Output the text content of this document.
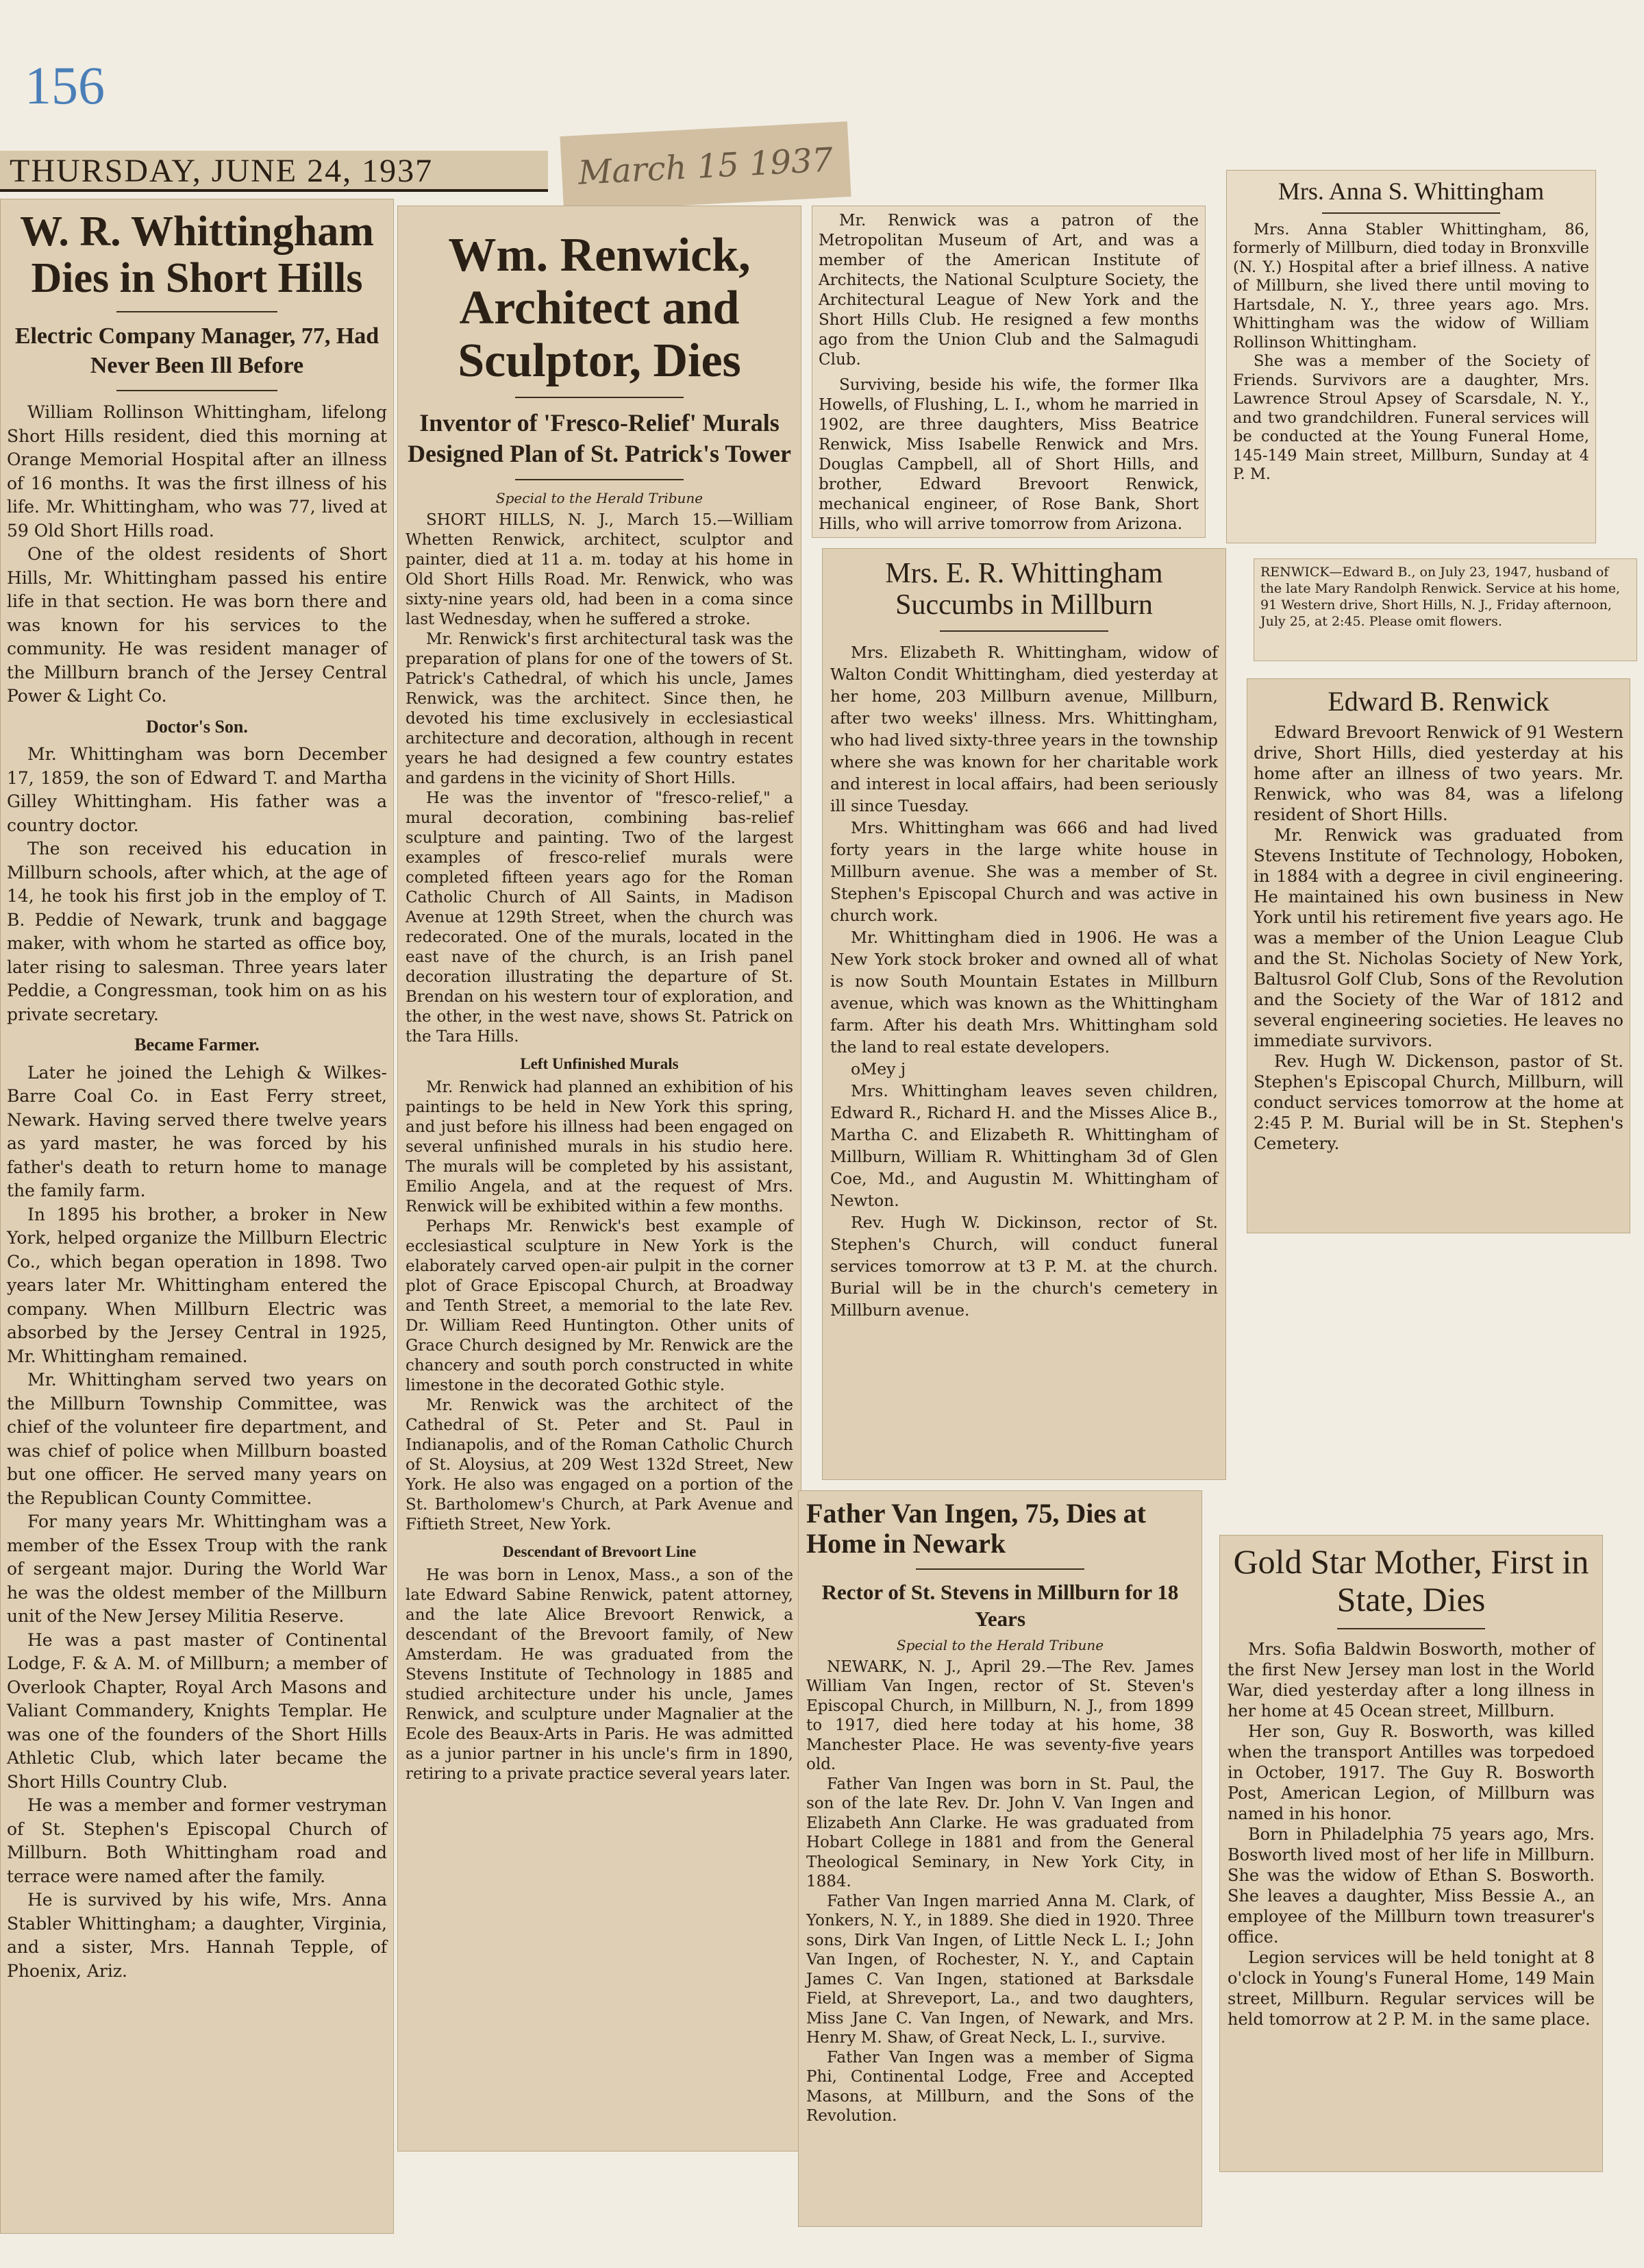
156
THURSDAY, JUNE 24, 1937	March 15 1937
W. R. Whittingham Dies in Short Hills
Electric Company Manager, 77, Had Never Been Ill Before

William Rollinson Whittingham, lifelong Short Hills resident, died this morning at Orange Memorial Hospital after an illness of 16 months. It was the first illness of his life. Mr. Whittingham, who was 77, lived at 59 Old Short Hills road.

One of the oldest residents of Short Hills, Mr. Whittingham passed his entire life in that section. He was born there and was known for his services to the community. He was resident manager of the Millburn branch of the Jersey Central Power & Light Co.

Doctor's Son.

Mr. Whittingham was born December 17, 1859, the son of Edward T. and Martha Gilley Whittingham. His father was a country doctor.

The son received his education in Millburn schools, after which, at the age of 14, he took his first job in the employ of T. B. Peddie of Newark, trunk and baggage maker, with whom he started as office boy, later rising to salesman. Three years later Peddie, a Congressman, took him on as his private secretary.

Became Farmer.

Later he joined the Lehigh & Wilkes-Barre Coal Co. in East Ferry street, Newark. Having served there twelve years as yard master, he was forced by his father's death to return home to manage the family farm.

In 1895 his brother, a broker in New York, helped organize the Millburn Electric Co., which began operation in 1898. Two years later Mr. Whittingham entered the company. When Millburn Electric was absorbed by the Jersey Central in 1925, Mr. Whittingham remained.

Mr. Whittingham served two years on the Millburn Township Committee, was chief of the volunteer fire department, and was chief of police when Millburn boasted but one officer. He served many years on the Republican County Committee.

For many years Mr. Whittingham was a member of the Essex Troup with the rank of sergeant major. During the World War he was the oldest member of the Millburn unit of the New Jersey Militia Reserve.

He was a past master of Continental Lodge, F. & A. M. of Millburn; a member of Overlook Chapter, Royal Arch Masons and Valiant Commandery, Knights Templar. He was one of the founders of the Short Hills Athletic Club, which later became the Short Hills Country Club.

He was a member and former vestryman of St. Stephen's Episcopal Church of Millburn. Both Whittingham road and terrace were named after the family.

He is survived by his wife, Mrs. Anna Stabler Whittingham; a daughter, Virginia, and a sister, Mrs. Hannah Tepple, of Phoenix, Ariz.

Wm. Renwick, Architect and Sculptor, Dies
Inventor of 'Fresco-Relief' Murals Designed Plan of St. Patrick's Tower
Special to the Herald Tribune

SHORT HILLS, N. J., March 15.—William Whetten Renwick, architect, sculptor and painter, died at 11 a. m. today at his home in Old Short Hills Road. Mr. Renwick, who was sixty-nine years old, had been in a coma since last Wednesday, when he suffered a stroke.

Mr. Renwick's first architectural task was the preparation of plans for one of the towers of St. Patrick's Cathedral, of which his uncle, James Renwick, was the architect. Since then, he devoted his time exclusively in ecclesiastical architecture and decoration, although in recent years he had designed a few country estates and gardens in the vicinity of Short Hills.

He was the inventor of "fresco-relief," a mural decoration, combining bas-relief sculpture and painting. Two of the largest examples of fresco-relief murals were completed fifteen years ago for the Roman Catholic Church of All Saints, in Madison Avenue at 129th Street, when the church was redecorated. One of the murals, located in the east nave of the church, is an Irish panel decoration illustrating the departure of St. Brendan on his western tour of exploration, and the other, in the west nave, shows St. Patrick on the Tara Hills.

Left Unfinished Murals

Mr. Renwick had planned an exhibition of his paintings to be held in New York this spring, and just before his illness had been engaged on several unfinished murals in his studio here. The murals will be completed by his assistant, Emilio Angela, and at the request of Mrs. Renwick will be exhibited within a few months.

Perhaps Mr. Renwick's best example of ecclesiastical sculpture in New York is the elaborately carved open-air pulpit in the corner plot of Grace Episcopal Church, at Broadway and Tenth Street, a memorial to the late Rev. Dr. William Reed Huntington. Other units of Grace Church designed by Mr. Renwick are the chancery and south porch constructed in white limestone in the decorated Gothic style.

Mr. Renwick was the architect of the Cathedral of St. Peter and St. Paul in Indianapolis, and of the Roman Catholic Church of St. Aloysius, at 209 West 132d Street, New York. He also was engaged on a portion of the St. Bartholomew's Church, at Park Avenue and Fiftieth Street, New York.

Descendant of Brevoort Line

He was born in Lenox, Mass., a son of the late Edward Sabine Renwick, patent attorney, and the late Alice Brevoort Renwick, a descendant of the Brevoort family, of New Amsterdam. He was graduated from the Stevens Institute of Technology in 1885 and studied architecture under his uncle, James Renwick, and sculpture under Magnalier at the Ecole des Beaux-Arts in Paris. He was admitted as a junior partner in his uncle's firm in 1890, retiring to a private practice several years later.

Mr. Renwick was a patron of the Metropolitan Museum of Art, and was a member of the American Institute of Architects, the National Sculpture Society, the Architectural League of New York and the Short Hills Club. He resigned a few months ago from the Union Club and the Salmagudi Club.

Surviving, beside his wife, the former Ilka Howells, of Flushing, L. I., whom he married in 1902, are three daughters, Miss Beatrice Renwick, Miss Isabelle Renwick and Mrs. Douglas Campbell, all of Short Hills, and brother, Edward Brevoort Renwick, mechanical engineer, of Rose Bank, Short Hills, who will arrive tomorrow from Arizona.

Mrs. E. R. Whittingham Succumbs in Millburn

Mrs. Elizabeth R. Whittingham, widow of Walton Condit Whittingham, died yesterday at her home, 203 Millburn avenue, Millburn, after two weeks' illness. Mrs. Whittingham, who had lived sixty-three years in the township where she was known for her charitable work and interest in local affairs, had been seriously ill since Tuesday.

Mrs. Whittingham was 666 and had lived forty years in the large white house in Millburn avenue. She was a member of St. Stephen's Episcopal Church and was active in church work.

Mr. Whittingham died in 1906. He was a New York stock broker and owned all of what is now South Mountain Estates in Millburn avenue, which was known as the Whittingham farm. After his death Mrs. Whittingham sold the land to real estate developers.

oMey j

Mrs. Whittingham leaves seven children, Edward R., Richard H. and the Misses Alice B., Martha C. and Elizabeth R. Whittingham of Millburn, William R. Whittingham 3d of Glen Coe, Md., and Augustin M. Whittingham of Newton.

Rev. Hugh W. Dickinson, rector of St. Stephen's Church, will conduct funeral services tomorrow at t3 P. M. at the church. Burial will be in the church's cemetery in Millburn avenue.

Mrs. Anna S. Whittingham

Mrs. Anna Stabler Whittingham, 86, formerly of Millburn, died today in Bronxville (N. Y.) Hospital after a brief illness. A native of Millburn, she lived there until moving to Hartsdale, N. Y., three years ago. Mrs. Whittingham was the widow of William Rollinson Whittingham.

She was a member of the Society of Friends. Survivors are a daughter, Mrs. Lawrence Stroul Apsey of Scarsdale, N. Y., and two grandchildren. Funeral services will be conducted at the Young Funeral Home, 145-149 Main street, Millburn, Sunday at 4 P. M.

RENWICK—Edward B., on July 23, 1947, husband of the late Mary Randolph Renwick. Service at his home, 91 Western drive, Short Hills, N. J., Friday afternoon, July 25, at 2:45. Please omit flowers.
Edward B. Renwick

Edward Brevoort Renwick of 91 Western drive, Short Hills, died yesterday at his home after an illness of two years. Mr. Renwick, who was 84, was a lifelong resident of Short Hills.

Mr. Renwick was graduated from Stevens Institute of Technology, Hoboken, in 1884 with a degree in civil engineering. He maintained his own business in New York until his retirement five years ago. He was a member of the Union League Club and the St. Nicholas Society of New York, Baltusrol Golf Club, Sons of the Revolution and the Society of the War of 1812 and several engineering societies. He leaves no immediate survivors.

Rev. Hugh W. Dickenson, pastor of St. Stephen's Episcopal Church, Millburn, will conduct services tomorrow at the home at 2:45 P. M. Burial will be in St. Stephen's Cemetery.

Father Van Ingen, 75, Dies at Home in Newark
Rector of St. Stevens in Millburn for 18 Years
Special to the Herald Tribune

NEWARK, N. J., April 29.—The Rev. James William Van Ingen, rector of St. Steven's Episcopal Church, in Millburn, N. J., from 1899 to 1917, died here today at his home, 38 Manchester Place. He was seventy-five years old.

Father Van Ingen was born in St. Paul, the son of the late Rev. Dr. John V. Van Ingen and Elizabeth Ann Clarke. He was graduated from Hobart College in 1881 and from the General Theological Seminary, in New York City, in 1884.

Father Van Ingen married Anna M. Clark, of Yonkers, N. Y., in 1889. She died in 1920. Three sons, Dirk Van Ingen, of Little Neck L. I.; John Van Ingen, of Rochester, N. Y., and Captain James C. Van Ingen, stationed at Barksdale Field, at Shreveport, La., and two daughters, Miss Jane C. Van Ingen, of Newark, and Mrs. Henry M. Shaw, of Great Neck, L. I., survive.

Father Van Ingen was a member of Sigma Phi, Continental Lodge, Free and Accepted Masons, at Millburn, and the Sons of the Revolution.

Gold Star Mother, First in State, Dies

Mrs. Sofia Baldwin Bosworth, mother of the first New Jersey man lost in the World War, died yesterday after a long illness in her home at 45 Ocean street, Millburn.

Her son, Guy R. Bosworth, was killed when the transport Antilles was torpedoed in October, 1917. The Guy R. Bosworth Post, American Legion, of Millburn was named in his honor.

Born in Philadelphia 75 years ago, Mrs. Bosworth lived most of her life in Millburn. She was the widow of Ethan S. Bosworth. She leaves a daughter, Miss Bessie A., an employee of the Millburn town treasurer's office.

Legion services will be held tonight at 8 o'clock in Young's Funeral Home, 149 Main street, Millburn. Regular services will be held tomorrow at 2 P. M. in the same place.
